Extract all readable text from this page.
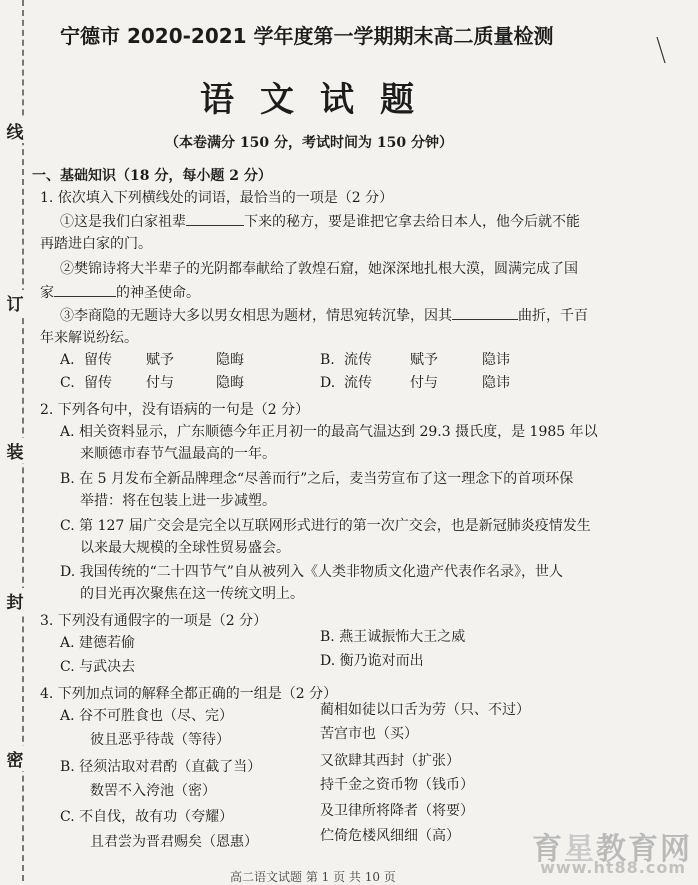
线
订
装
封
密
宁德市 2020-2021 学年度第一学期期末高二质量检测
语文试题
（本卷满分 150 分，考试时间为 150 分钟）
一、基础知识（18 分，每小题 2 分）
1. 依次填入下列横线处的词语，最恰当的一项是（2 分）
①这是我们白家祖辈	下来的秘方，要是谁把它拿去给日本人，他今后就不能
再踏进白家的门。
②樊锦诗将大半辈子的光阴都奉献给了敦煌石窟，她深深地扎根大漠，圆满完成了国
家	的神圣使命。
③李商隐的无题诗大多以男女相思为题材，情思宛转沉挚，因其	曲折，千百
年来解说纷纭。
A. 留传 赋予	隐晦	B. 流传	赋予	隐讳
C. 留传 付与	隐晦	D. 流传	付与	隐讳
2. 下列各句中，没有语病的一句是（2 分）
A. 相关资料显示，广东顺德今年正月初一的最高气温达到 29.3 摄氏度，是 1985 年以
来顺德市春节气温最高的一年。
B. 在 5 月发布全新品牌理念“尽善而行”之后，麦当劳宣布了这一理念下的首项环保
举措：将在包装上进一步减塑。
C. 第 127 届广交会是完全以互联网形式进行的第一次广交会，也是新冠肺炎疫情发生
以来最大规模的全球性贸易盛会。
D. 我国传统的“二十四节气”自从被列入《人类非物质文化遗产代表作名录》，世人
的目光再次聚焦在这一传统文明上。
3. 下列没有通假字的一项是（2 分）
A. 建德若偷	B. 燕王诚振怖大王之威
C. 与武决去	D. 衡乃诡对而出
4. 下列加点词的解释全都正确的一组是（2 分）
A. 谷不可胜食也（尽、完）	蔺相如徒以口舌为劳（只、不过）
彼且恶乎待哉（等待）	苦宫市也（买）
B. 径须沽取对君酌（直截了当）	又欲肆其西封（扩张）
数罟不入洿池（密）	持千金之资币物（钱币）
C. 不自伐，故有功（夸耀）	及卫律所将降者（将要）
且君尝为晋君赐矣（恩惠）	伫倚危楼风细细（高）
高二语文试题 第 1 页 共 10 页
育星教育网
www.ht88.com
